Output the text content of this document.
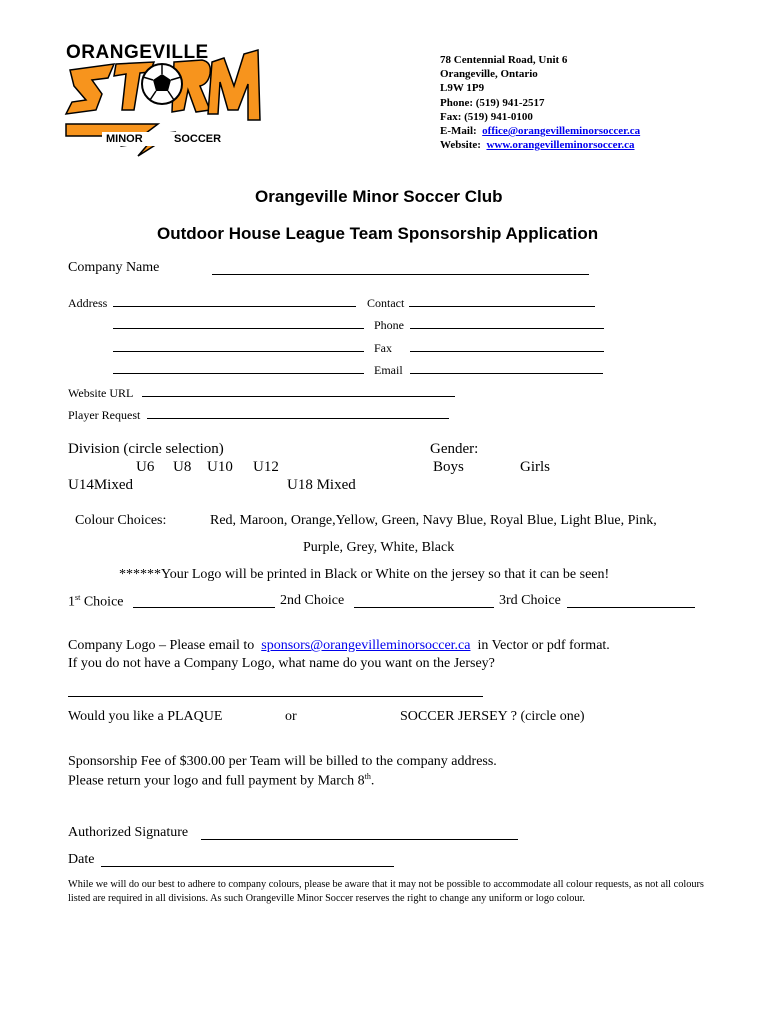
ORANGEVILLE
MINOR	SOCCER
78 Centennial Road, Unit 6
Orangeville, Ontario
L9W 1P9
Phone: (519) 941-2517
Fax: (519) 941-0100
E-Mail: office@orangevilleminorsoccer.ca
Website: www.orangevilleminorsoccer.ca
Orangeville Minor Soccer Club
Outdoor House League Team Sponsorship Application
Company Name
Address	Contact
Phone
Fax
Email
Website URL
Player Request
Division (circle selection)
U6 U8 U10 U12
U14Mixed	U18 Mixed
Gender:
Boys	Girls
Colour Choices:	Red, Maroon, Orange,Yellow, Green, Navy Blue, Royal Blue, Light Blue, Pink,
Purple, Grey, White, Black
******Your Logo will be printed in Black or White on the jersey so that it can be seen!
1st Choice	2nd Choice	3rd Choice
Company Logo – Please email to sponsors@orangevilleminorsoccer.ca in Vector or pdf format.
If you do not have a Company Logo, what name do you want on the Jersey?
Would you like a PLAQUE	or	SOCCER JERSEY ? (circle one)
Sponsorship Fee of $300.00 per Team will be billed to the company address.
Please return your logo and full payment by March 8th.
Authorized Signature
Date
While we will do our best to adhere to company colours, please be aware that it may not be possible to accommodate all colour requests, as not all colours listed are required in all divisions. As such Orangeville Minor Soccer reserves the right to change any uniform or logo colour.
